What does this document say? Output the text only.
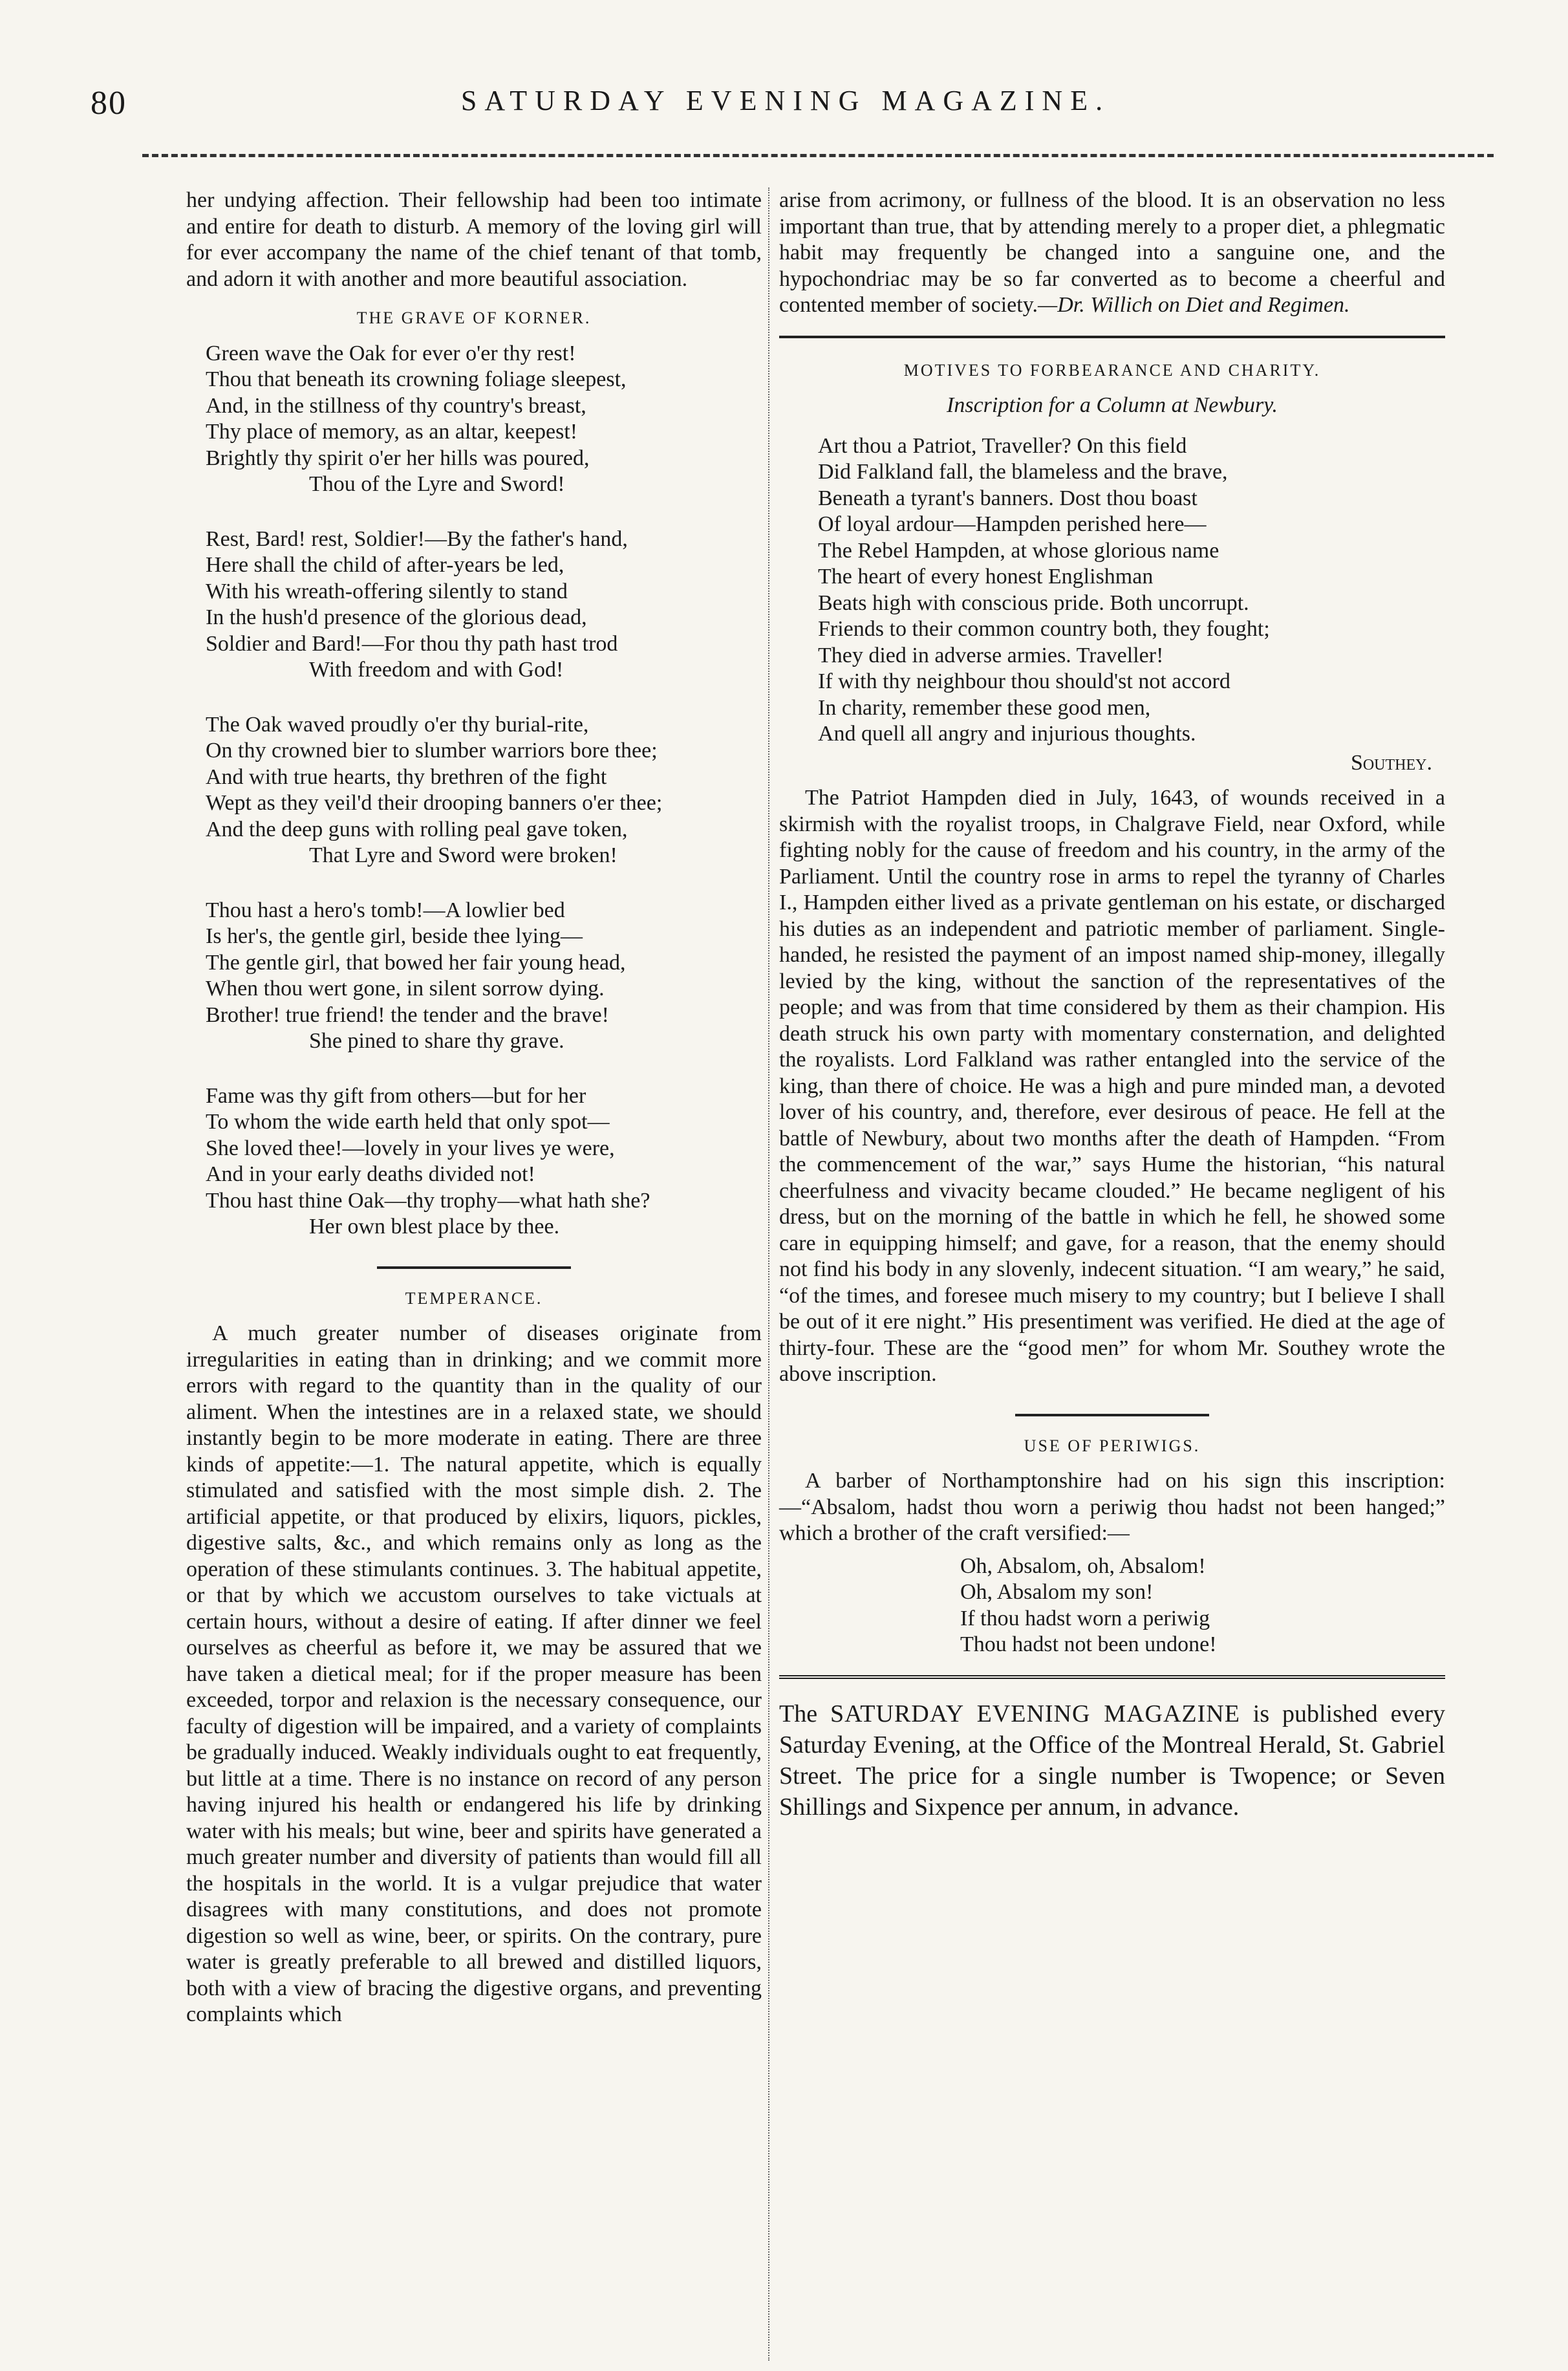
80	SATURDAY EVENING MAGAZINE.

her undying affection. Their fellowship had been too intimate and entire for death to disturb. A memory of the loving girl will for ever accompany the name of the chief tenant of that tomb, and adorn it with another and more beautiful association.

THE GRAVE OF KORNER.
Green wave the Oak for ever o'er thy rest!
Thou that beneath its crowning foliage sleepest,
And, in the stillness of thy country's breast,
Thy place of memory, as an altar, keepest!
Brightly thy spirit o'er her hills was poured,
Thou of the Lyre and Sword!
Rest, Bard! rest, Soldier!—By the father's hand,
Here shall the child of after-years be led,
With his wreath-offering silently to stand
In the hush'd presence of the glorious dead,
Soldier and Bard!—For thou thy path hast trod
With freedom and with God!
The Oak waved proudly o'er thy burial-rite,
On thy crowned bier to slumber warriors bore thee;
And with true hearts, thy brethren of the fight
Wept as they veil'd their drooping banners o'er thee;
And the deep guns with rolling peal gave token,
That Lyre and Sword were broken!
Thou hast a hero's tomb!—A lowlier bed
Is her's, the gentle girl, beside thee lying—
The gentle girl, that bowed her fair young head,
When thou wert gone, in silent sorrow dying.
Brother! true friend! the tender and the brave!
She pined to share thy grave.
Fame was thy gift from others—but for her
To whom the wide earth held that only spot—
She loved thee!—lovely in your lives ye were,
And in your early deaths divided not!
Thou hast thine Oak—thy trophy—what hath she?
Her own blest place by thee.
TEMPERANCE.

A much greater number of diseases originate from irregularities in eating than in drinking; and we commit more errors with regard to the quantity than in the quality of our aliment. When the intestines are in a relaxed state, we should instantly begin to be more moderate in eating. There are three kinds of appetite:—1. The natural appetite, which is equally stimulated and satisfied with the most simple dish. 2. The artificial appetite, or that produced by elixirs, liquors, pickles, digestive salts, &c., and which remains only as long as the operation of these stimulants continues. 3. The habitual appetite, or that by which we accustom ourselves to take victuals at certain hours, without a desire of eating. If after dinner we feel ourselves as cheerful as before it, we may be assured that we have taken a dietical meal; for if the proper measure has been exceeded, torpor and relaxion is the necessary consequence, our faculty of digestion will be impaired, and a variety of complaints be gradually induced. Weakly individuals ought to eat frequently, but little at a time. There is no instance on record of any person having injured his health or endangered his life by drinking water with his meals; but wine, beer and spirits have generated a much greater number and diversity of patients than would fill all the hospitals in the world. It is a vulgar prejudice that water disagrees with many constitutions, and does not promote digestion so well as wine, beer, or spirits. On the contrary, pure water is greatly preferable to all brewed and distilled liquors, both with a view of bracing the digestive organs, and preventing complaints which

arise from acrimony, or fullness of the blood. It is an observation no less important than true, that by attending merely to a proper diet, a phlegmatic habit may frequently be changed into a sanguine one, and the hypochondriac may be so far converted as to become a cheerful and contented member of society.—Dr. Willich on Diet and Regimen.

MOTIVES TO FORBEARANCE AND CHARITY.
Inscription for a Column at Newbury.
Art thou a Patriot, Traveller? On this field
Did Falkland fall, the blameless and the brave,
Beneath a tyrant's banners. Dost thou boast
Of loyal ardour—Hampden perished here—
The Rebel Hampden, at whose glorious name
The heart of every honest Englishman
Beats high with conscious pride. Both uncorrupt.
Friends to their common country both, they fought;
They died in adverse armies. Traveller!
If with thy neighbour thou should'st not accord
In charity, remember these good men,
And quell all angry and injurious thoughts.
Southey.

The Patriot Hampden died in July, 1643, of wounds received in a skirmish with the royalist troops, in Chalgrave Field, near Oxford, while fighting nobly for the cause of freedom and his country, in the army of the Parliament. Until the country rose in arms to repel the tyranny of Charles I., Hampden either lived as a private gentleman on his estate, or discharged his duties as an independent and patriotic member of parliament. Single-handed, he resisted the payment of an impost named ship-money, illegally levied by the king, without the sanction of the representatives of the people; and was from that time considered by them as their champion. His death struck his own party with momentary consternation, and delighted the royalists. Lord Falkland was rather entangled into the service of the king, than there of choice. He was a high and pure minded man, a devoted lover of his country, and, therefore, ever desirous of peace. He fell at the battle of Newbury, about two months after the death of Hampden. “From the commencement of the war,” says Hume the historian, “his natural cheerfulness and vivacity became clouded.” He became negligent of his dress, but on the morning of the battle in which he fell, he showed some care in equipping himself; and gave, for a reason, that the enemy should not find his body in any slovenly, indecent situation. “I am weary,” he said, “of the times, and foresee much misery to my country; but I believe I shall be out of it ere night.” His presentiment was verified. He died at the age of thirty-four. These are the “good men” for whom Mr. Southey wrote the above inscription.

USE OF PERIWIGS.

A barber of Northamptonshire had on his sign this inscription:—“Absalom, hadst thou worn a periwig thou hadst not been hanged;” which a brother of the craft versified:—

Oh, Absalom, oh, Absalom!
Oh, Absalom my son!
If thou hadst worn a periwig
Thou hadst not been undone!

The SATURDAY EVENING MAGAZINE is published every Saturday Evening, at the Office of the Montreal Herald, St. Gabriel Street. The price for a single number is Twopence; or Seven Shillings and Sixpence per annum, in advance.
